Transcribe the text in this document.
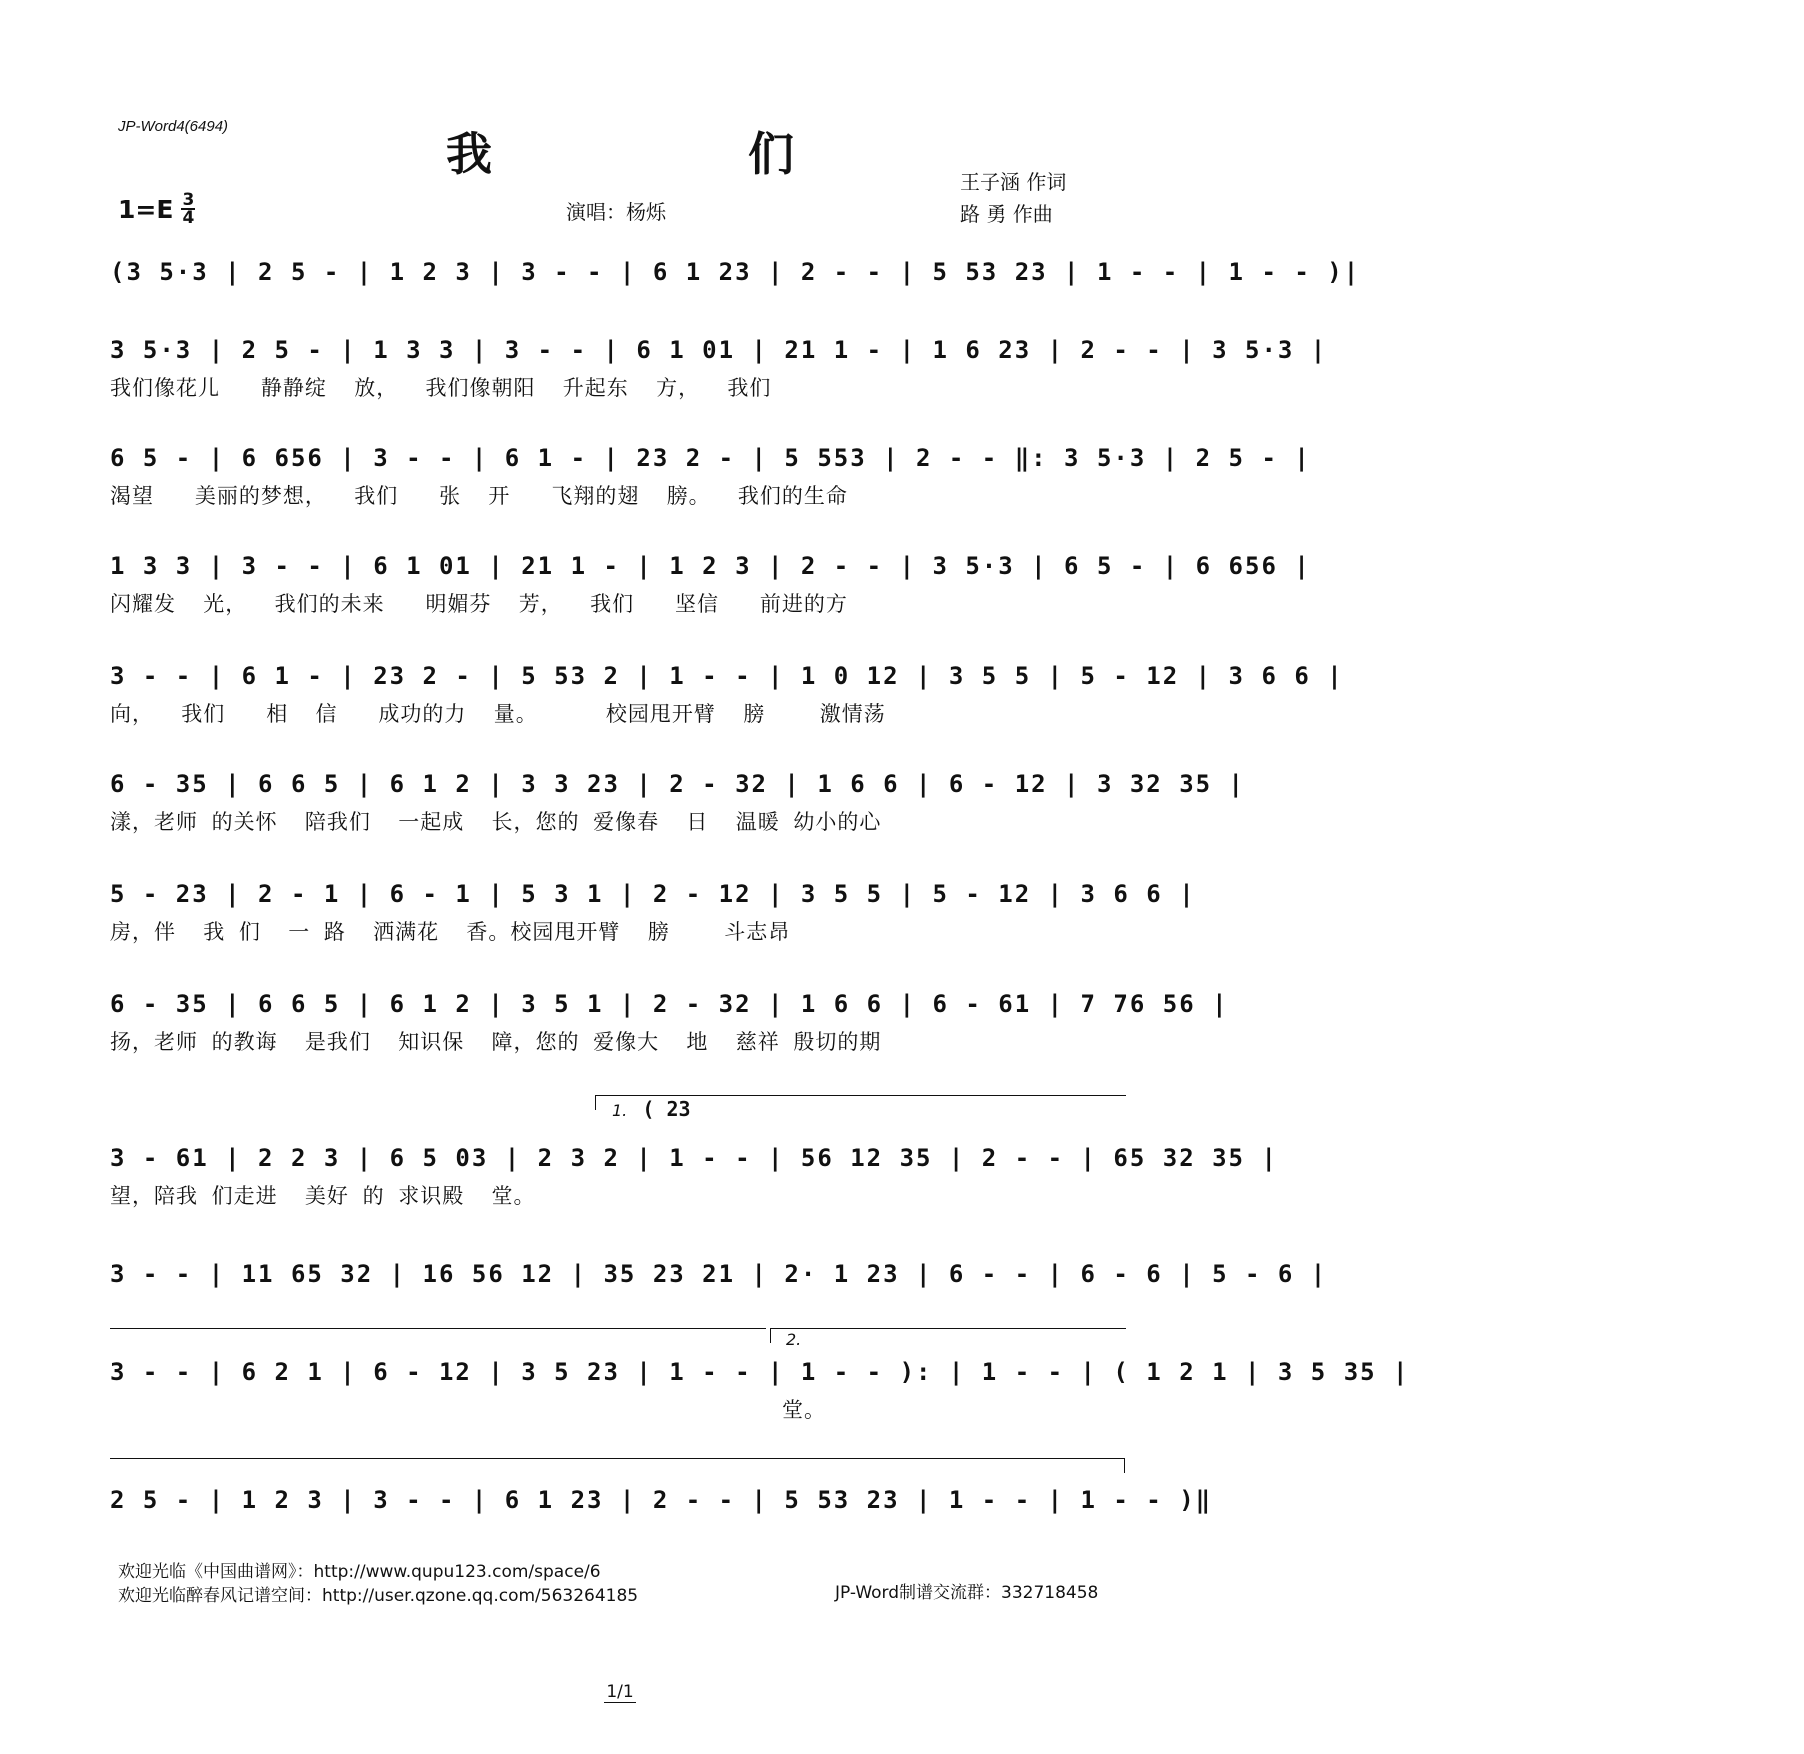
JP-Word4(6494)
我 们
1=E 3
4	演唱：杨烁
王子涵 作词
路 勇 作曲
(3 5·3 | 2 5 - | 1 2 3 | 3 - - | 6 1 23 | 2 - - | 5 53 23 | 1 - - | 1 - - )|
3 5·3 | 2 5 - | 1 3 3 | 3 - - | 6 1 01 | 21 1 - | 1 6 23 | 2 - - | 3 5·3 |
我们像花儿   静静绽  放，  我们像朝阳  升起东  方，  我们
6 5 - | 6 656 | 3 - - | 6 1 - | 23 2 - | 5 553 | 2 - - ‖: 3 5·3 | 2 5 - |
渴望   美丽的梦想，  我们   张  开   飞翔的翅  膀。  我们的生命
1 3 3 | 3 - - | 6 1 01 | 21 1 - | 1 2 3 | 2 - - | 3 5·3 | 6 5 - | 6 656 |
闪耀发  光，  我们的未来   明媚芬  芳，  我们   坚信   前进的方
3 - - | 6 1 - | 23 2 - | 5 53 2 | 1 - - | 1 0 12 | 3 5 5 | 5 - 12 | 3 6 6 |
向，  我们   相  信   成功的力  量。     校园甩开臂  膀    激情荡
6 - 35 | 6 6 5 | 6 1 2 | 3 3 23 | 2 - 32 | 1 6 6 | 6 - 12 | 3 32 35 |
漾，老师 的关怀  陪我们  一起成  长，您的 爱像春  日  温暖 幼小的心
5 - 23 | 2 - 1 | 6 - 1 | 5 3 1 | 2 - 12 | 3 5 5 | 5 - 12 | 3 6 6 |
房，伴  我 们  一 路  洒满花  香。校园甩开臂  膀    斗志昂
6 - 35 | 6 6 5 | 6 1 2 | 3 5 1 | 2 - 32 | 1 6 6 | 6 - 61 | 7 76 56 |
扬，老师 的教诲  是我们  知识保  障，您的 爱像大  地  慈祥 殷切的期
1. ( 23
3 - 61 | 2 2 3 | 6 5 03 | 2 3 2 | 1 - - | 56 12 35 | 2 - - | 65 32 35 |
望，陪我 们走进  美好 的 求识殿  堂。
3 - - | 11 65 32 | 16 56 12 | 35 23 21 | 2· 1 23 | 6 - - | 6 - 6 | 5 - 6 |
2.
3 - - | 6 2 1 | 6 - 12 | 3 5 23 | 1 - - | 1 - - ): | 1 - - | ( 1 2 1 | 3 5 35 |
堂。
2 5 - | 1 2 3 | 3 - - | 6 1 23 | 2 - - | 5 53 23 | 1 - - | 1 - - )‖
欢迎光临《中国曲谱网》：http://www.qupu123.com/space/6
欢迎光临醉春风记谱空间：http://user.qzone.qq.com/563264185	JP-Word制谱交流群：332718458
1/1
